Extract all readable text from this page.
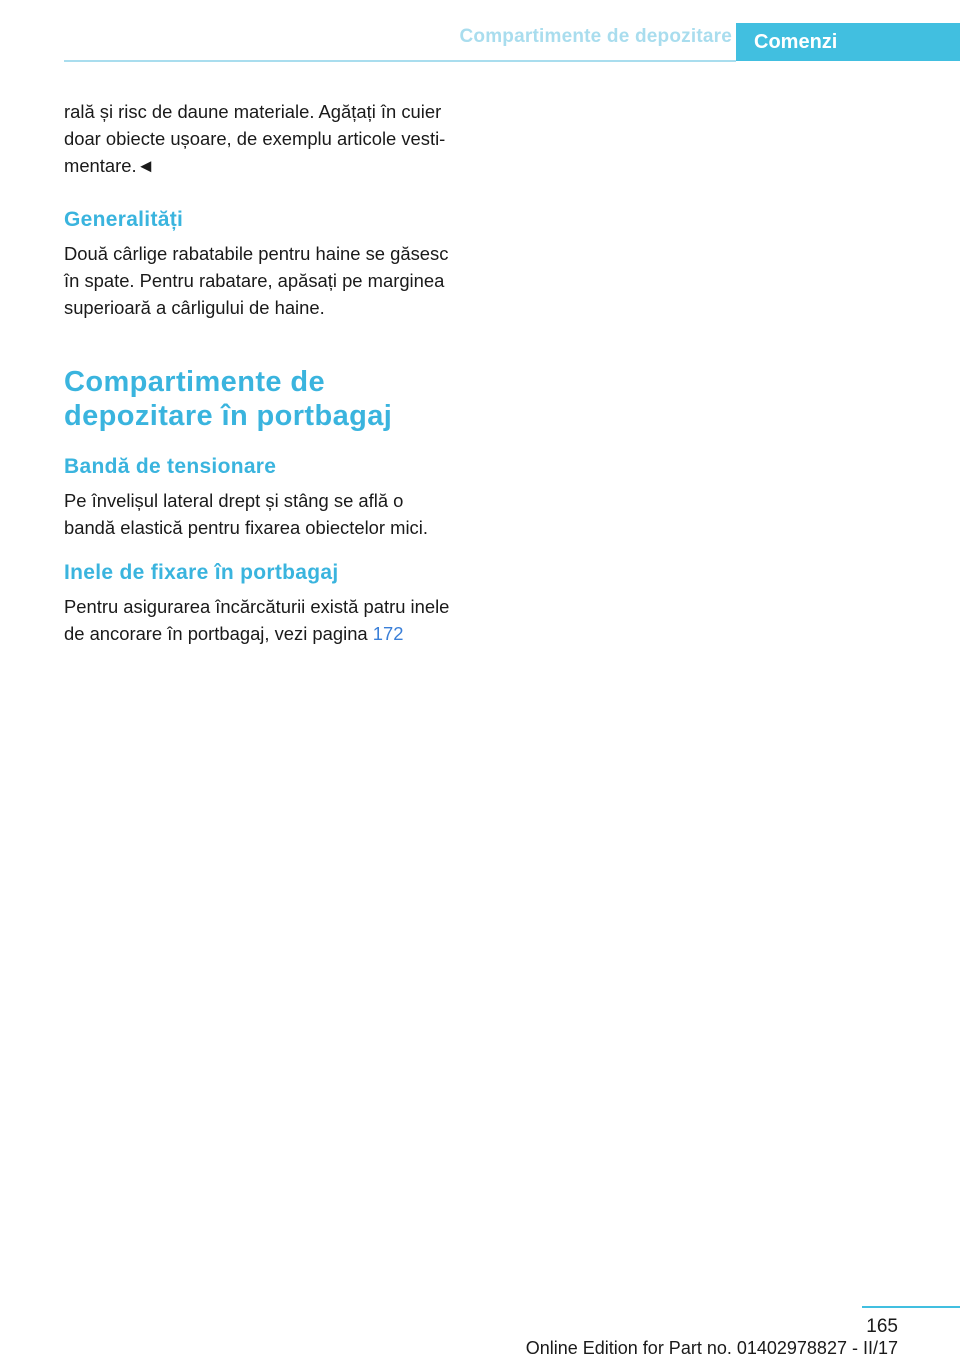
Compartimente de depozitare	Comenzi

rală și risc de daune materiale. Agățați în cuier
doar obiecte ușoare, de exemplu articole vesti-
mentare.◄

Generalități

Două cârlige rabatabile pentru haine se găsesc
în spate. Pentru rabatare, apăsați pe marginea
superioară a cârligului de haine.

Compartimente de
depozitare în portbagaj
Bandă de tensionare

Pe învelișul lateral drept și stâng se află o
bandă elastică pentru fixarea obiectelor mici.

Inele de fixare în portbagaj

Pentru asigurarea încărcăturii există patru inele
de ancorare în portbagaj, vezi pagina 172

165
Online Edition for Part no. 01402978827 - II/17
